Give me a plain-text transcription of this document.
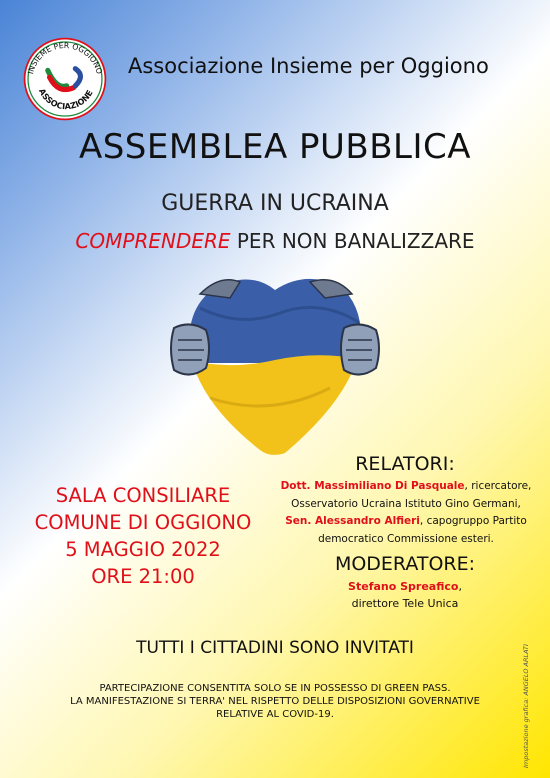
INSIEME PER OGGIONO
ASSOCIAZIONE
Associazione Insieme per Oggiono
ASSEMBLEA PUBBLICA
GUERRA IN UCRAINA
COMPRENDERE PER NON BANALIZZARE
SALA CONSILIARE
COMUNE DI OGGIONO
5 MAGGIO 2022
ORE 21:00
RELATORI:
Dott. Massimiliano Di Pasquale, ricercatore,
Osservatorio Ucraina Istituto Gino Germani,
Sen. Alessandro Alfieri, capogruppo Partito
democratico Commissione esteri.
MODERATORE:
Stefano Spreafico,
direttore Tele Unica
TUTTI I CITTADINI SONO INVITATI
PARTECIPAZIONE CONSENTITA SOLO SE IN POSSESSO DI GREEN PASS.
LA MANIFESTAZIONE SI TERRA' NEL RISPETTO DELLE DISPOSIZIONI GOVERNATIVE
RELATIVE AL COVID-19.	Impostazione grafica: ANGELO ARLATI
